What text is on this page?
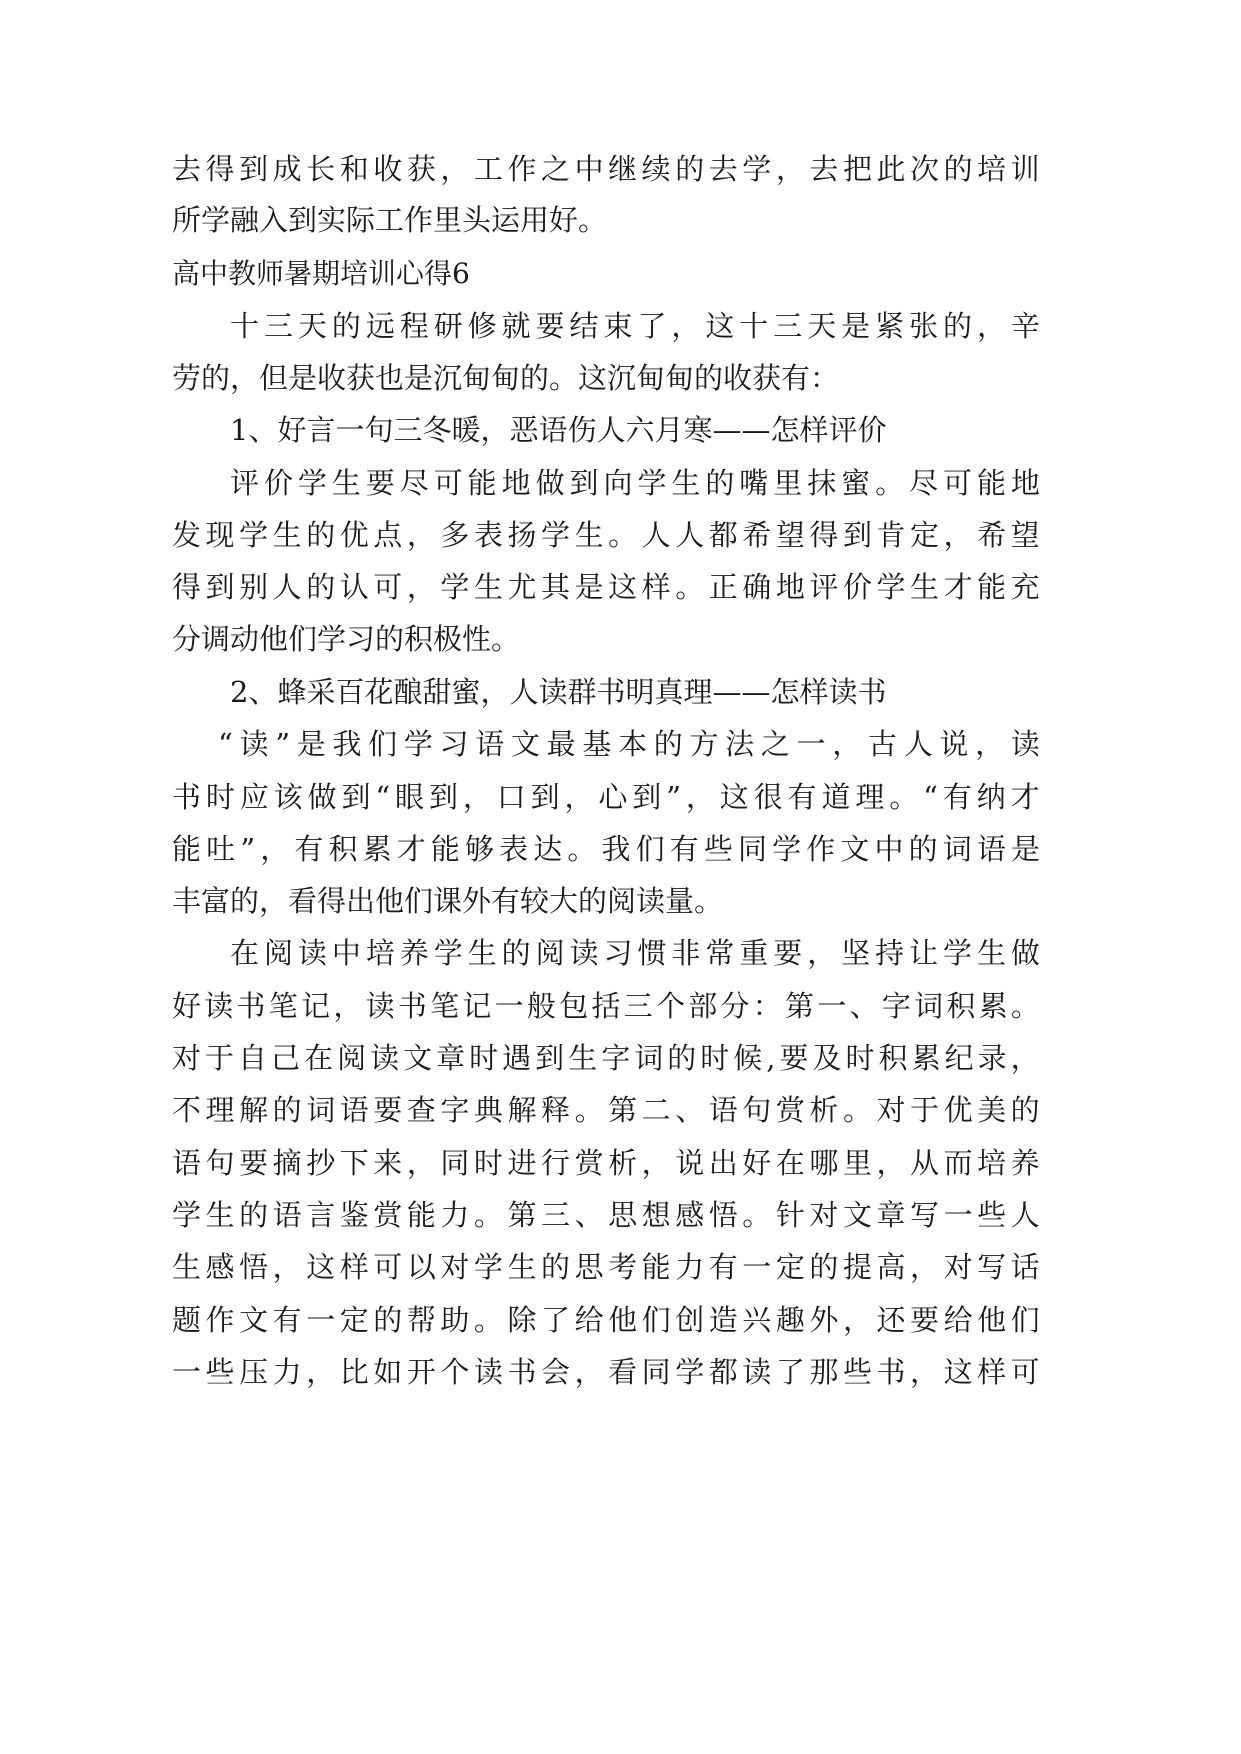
去 得 到 成 长 和 收 获 ， 工 作 之 中 继 续 的 去 学 ， 去 把 此 次 的 培 训
所学融入到实际工作里头运用好。
高中教师暑期培训心得6
十 三 天 的 远 程 研 修 就 要 结 束 了 ， 这 十 三 天 是 紧 张 的 ， 辛
劳的，但是收获也是沉甸甸的。这沉甸甸的收获有：
1、好言一句三冬暖，恶语伤人六月寒——怎样评价
评 价 学 生 要 尽 可 能 地 做 到 向 学 生 的 嘴 里 抹 蜜 。 尽 可 能 地
发 现 学 生 的 优 点 ， 多 表 扬 学 生 。 人 人 都 希 望 得 到 肯 定 ， 希 望
得 到 别 人 的 认 可 ， 学 生 尤 其 是 这 样 。 正 确 地 评 价 学 生 才 能 充
分调动他们学习的积极性。
2、蜂采百花酿甜蜜，人读群书明真理——怎样读书
“ 读 ” 是 我 们 学 习 语 文 最 基 本 的 方 法 之 一 ， 古 人 说 ， 读
书 时 应 该 做 到 “ 眼 到 ， 口 到 ， 心 到 ” ， 这 很 有 道 理 。 “ 有 纳 才
能 吐 ” ， 有 积 累 才 能 够 表 达 。 我 们 有 些 同 学 作 文 中 的 词 语 是
丰富的，看得出他们课外有较大的阅读量。
在 阅 读 中 培 养 学 生 的 阅 读 习 惯 非 常 重 要 ， 坚 持 让 学 生 做
好 读 书 笔 记 ， 读 书 笔 记 一 般 包 括 三 个 部 分 ： 第 一 、 字 词 积 累 。
对 于 自 己 在 阅 读 文 章 时 遇 到 生 字 词 的 时 候 , 要 及 时 积 累 纪 录 ，
不 理 解 的 词 语 要 查 字 典 解 释 。 第 二 、 语 句 赏 析 。 对 于 优 美 的
语 句 要 摘 抄 下 来 ， 同 时 进 行 赏 析 ， 说 出 好 在 哪 里 ， 从 而 培 养
学 生 的 语 言 鉴 赏 能 力 。 第 三 、 思 想 感 悟 。 针 对 文 章 写 一 些 人
生 感 悟 ， 这 样 可 以 对 学 生 的 思 考 能 力 有 一 定 的 提 高 ， 对 写 话
题 作 文 有 一 定 的 帮 助 。 除 了 给 他 们 创 造 兴 趣 外 ， 还 要 给 他 们
一 些 压 力 ， 比 如 开 个 读 书 会 ， 看 同 学 都 读 了 那 些 书 ， 这 样 可
